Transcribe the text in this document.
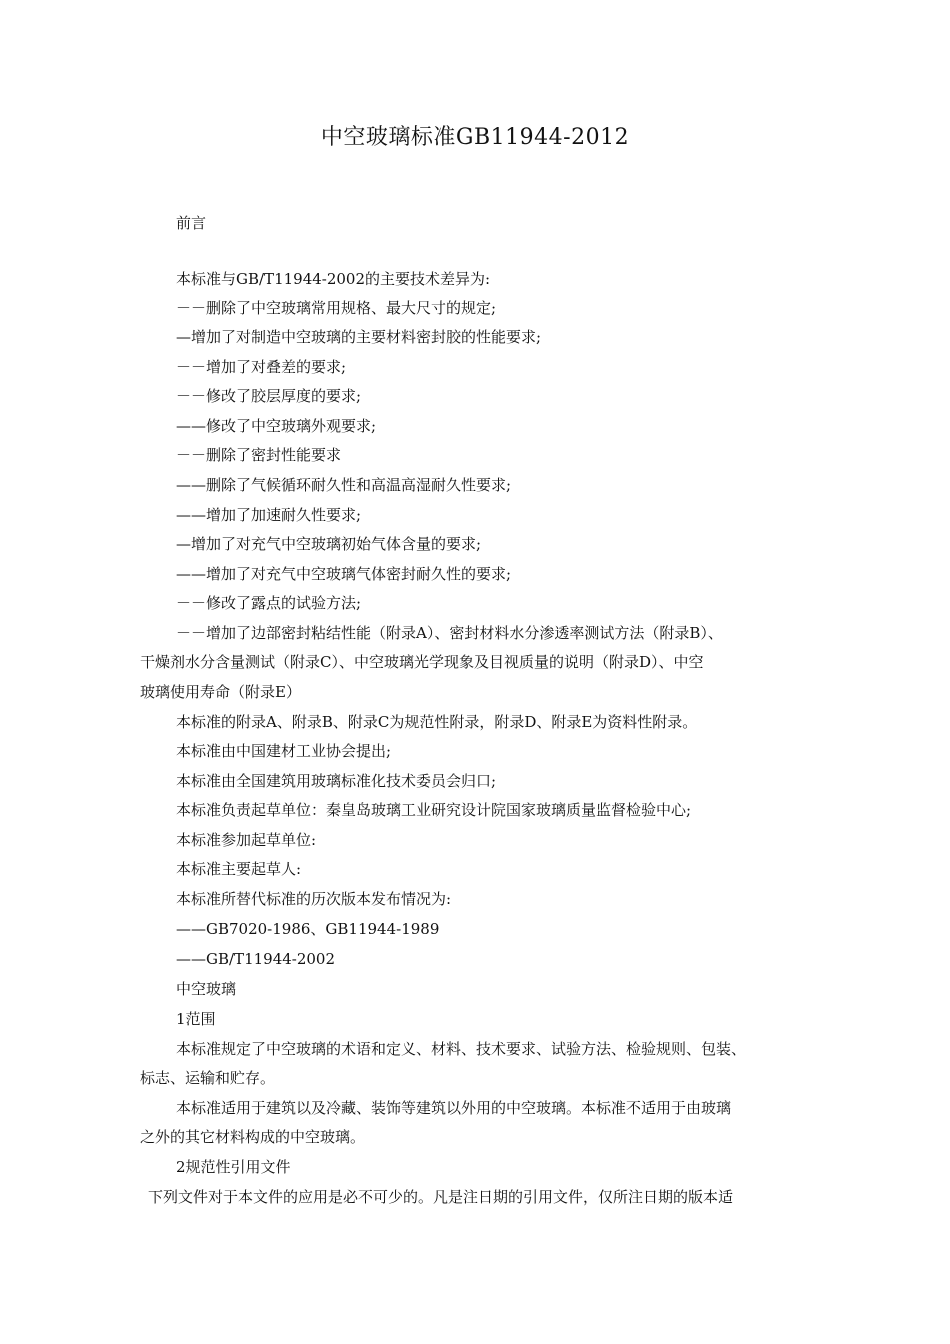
中空玻璃标准GB11944-2012
前言
本标准与GB/T11944-2002的主要技术差异为:
－－删除了中空玻璃常用规格、最大尺寸的规定;
—增加了对制造中空玻璃的主要材料密封胶的性能要求;
－－增加了对叠差的要求;
－－修改了胶层厚度的要求;
——修改了中空玻璃外观要求;
－－删除了密封性能要求
——删除了气候循环耐久性和高温高湿耐久性要求;
——增加了加速耐久性要求;
—增加了对充气中空玻璃初始气体含量的要求;
——增加了对充气中空玻璃气体密封耐久性的要求;
－－修改了露点的试验方法;
－－增加了边部密封粘结性能（附录A）、密封材料水分渗透率测试方法（附录B）、
干燥剂水分含量测试（附录C）、中空玻璃光学现象及目视质量的说明（附录D）、中空
玻璃使用寿命（附录E）
本标准的附录A、附录B、附录C为规范性附录，附录D、附录E为资料性附录。
本标准由中国建材工业协会提出;
本标准由全国建筑用玻璃标准化技术委员会归口;
本标准负责起草单位：秦皇岛玻璃工业研究设计院国家玻璃质量监督检验中心;
本标准参加起草单位:
本标准主要起草人:
本标准所替代标准的历次版本发布情况为:
——GB7020-1986、GB11944-1989
——GB/T11944-2002
中空玻璃
1范围
本标准规定了中空玻璃的术语和定义、材料、技术要求、试验方法、检验规则、包装、
标志、运输和贮存。
本标准适用于建筑以及冷藏、装饰等建筑以外用的中空玻璃。本标准不适用于由玻璃
之外的其它材料构成的中空玻璃。
2规范性引用文件
下列文件对于本文件的应用是必不可少的。凡是注日期的引用文件，仅所注日期的版本适
